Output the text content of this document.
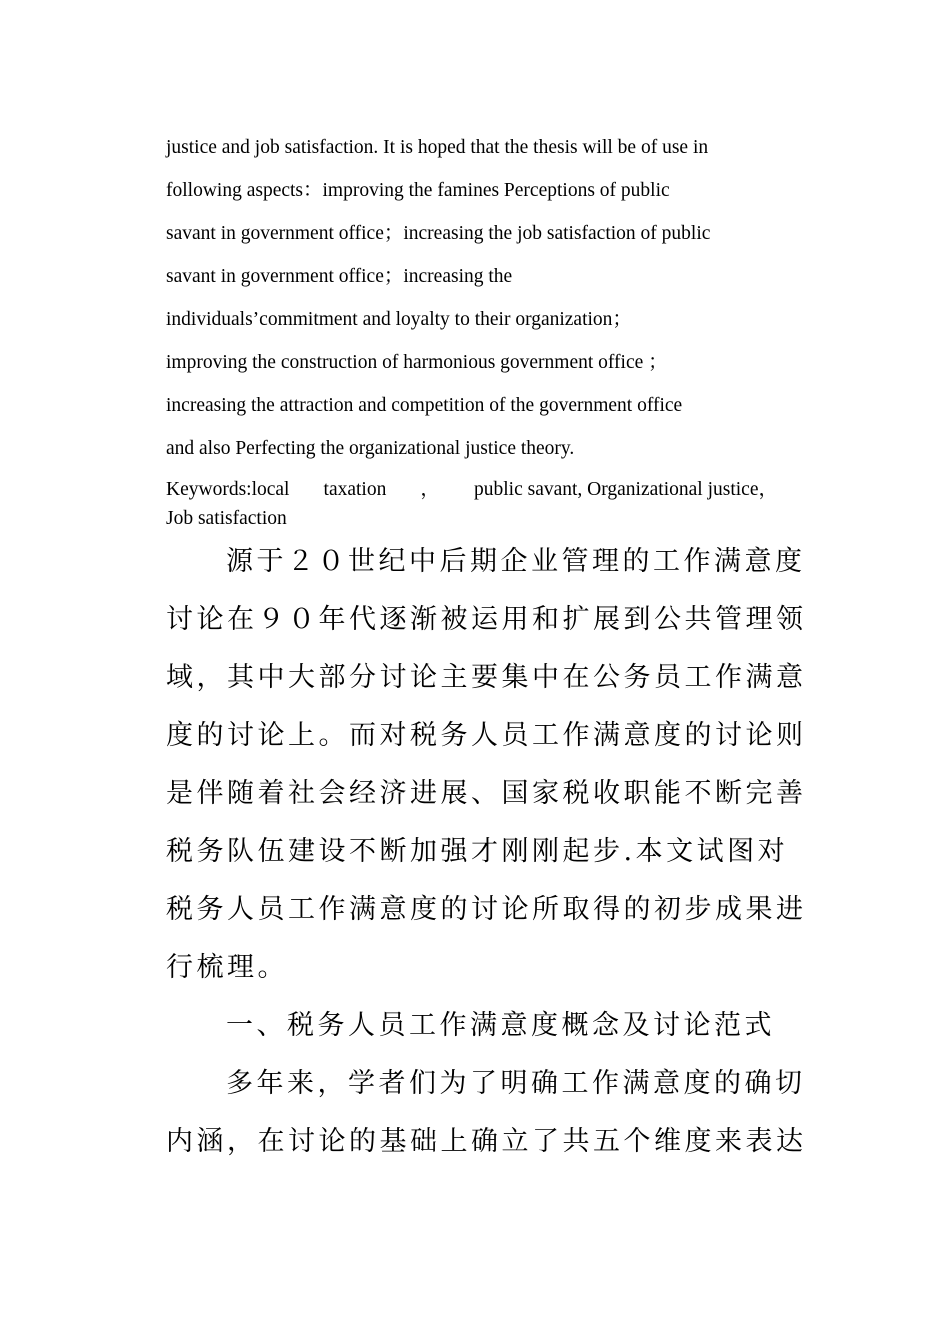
justice and job satisfaction. It is hoped that the thesis will be of use in

following aspects：improving the famines Perceptions of public

savant in government office；increasing the job satisfaction of public

savant in government office；increasing the

individuals’commitment and loyalty to their organization；

improving the construction of harmonious government office ；

increasing the attraction and competition of the government office

and also Perfecting the organizational justice theory.

Keywords:local taxation ， public savant, Organizational justice，

Job satisfaction

源于２０世纪中后期企业管理的工作满意度

讨论在９０年代逐渐被运用和扩展到公共管理领

域，其中大部分讨论主要集中在公务员工作满意

度的讨论上。而对税务人员工作满意度的讨论则

是伴随着社会经济进展、国家税收职能不断完善

税务队伍建设不断加强才刚刚起步.本文试图对

税务人员工作满意度的讨论所取得的初步成果进

行梳理。

一、税务人员工作满意度概念及讨论范式

多年来，学者们为了明确工作满意度的确切

内涵，在讨论的基础上确立了共五个维度来表达
